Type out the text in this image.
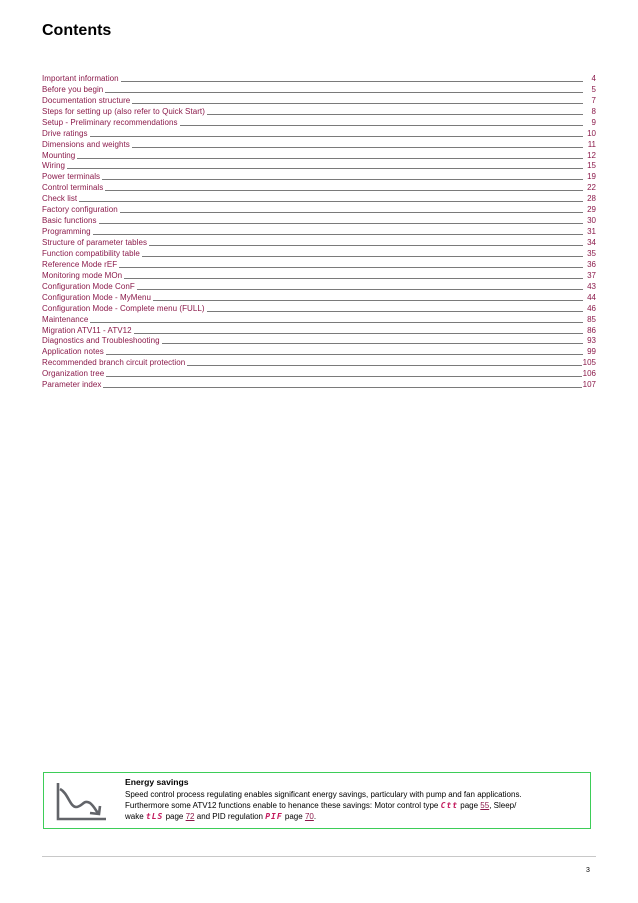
Contents
Important information	4
Before you begin	5
Documentation structure	7
Steps for setting up (also refer to Quick Start)	8
Setup - Preliminary recommendations	9
Drive ratings	10
Dimensions and weights	11
Mounting	12
Wiring	15
Power terminals	19
Control terminals	22
Check list	28
Factory configuration	29
Basic functions	30
Programming	31
Structure of parameter tables	34
Function compatibility table	35
Reference Mode rEF	36
Monitoring mode MOn	37
Configuration Mode ConF	43
Configuration Mode - MyMenu	44
Configuration Mode - Complete menu (FULL)	46
Maintenance	85
Migration ATV11 - ATV12	86
Diagnostics and Troubleshooting	93
Application notes	99
Recommended branch circuit protection	105
Organization tree	106
Parameter index	107
Energy savings
Speed control process regulating enables significant energy savings, particulary with pump and fan applications.
Furthermore some ATV12 functions enable to henance these savings: Motor control type Ctt page 55, Sleep/
wake tLS page 72 and PID regulation PIF page 70.
3
